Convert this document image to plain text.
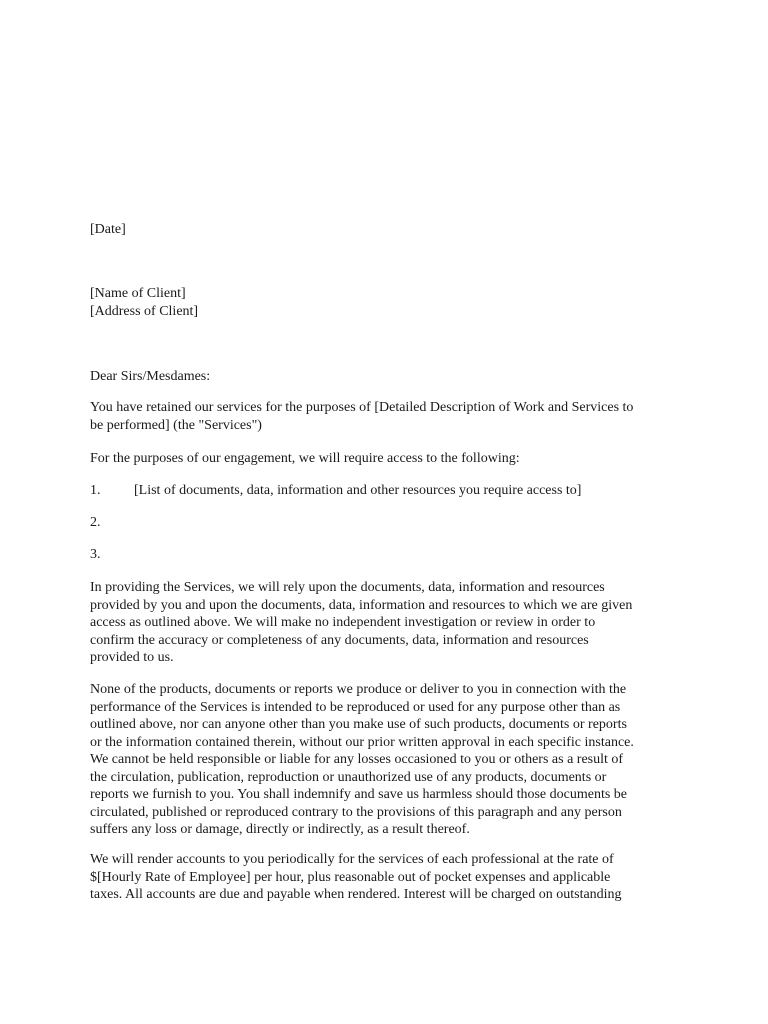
[Date]

[Name of Client]
[Address of Client]

Dear Sirs/Mesdames:

You have retained our services for the purposes of [Detailed Description of Work and Services to
be performed] (the "Services")

For the purposes of our engagement, we will require access to the following:

1. [List of documents, data, information and other resources you require access to]
2.
3.
In providing the Services, we will rely upon the documents, data, information and resources
provided by you and upon the documents, data, information and resources to which we are given
access as outlined above. We will make no independent investigation or review in order to
confirm the accuracy or completeness of any documents, data, information and resources
provided to us.
None of the products, documents or reports we produce or deliver to you in connection with the
performance of the Services is intended to be reproduced or used for any purpose other than as
outlined above, nor can anyone other than you make use of such products, documents or reports
or the information contained therein, without our prior written approval in each specific instance.
We cannot be held responsible or liable for any losses occasioned to you or others as a result of
the circulation, publication, reproduction or unauthorized use of any products, documents or
reports we furnish to you. You shall indemnify and save us harmless should those documents be
circulated, published or reproduced contrary to the provisions of this paragraph and any person
suffers any loss or damage, directly or indirectly, as a result thereof.
We will render accounts to you periodically for the services of each professional at the rate of
$[Hourly Rate of Employee] per hour, plus reasonable out of pocket expenses and applicable
taxes. All accounts are due and payable when rendered. Interest will be charged on outstanding
